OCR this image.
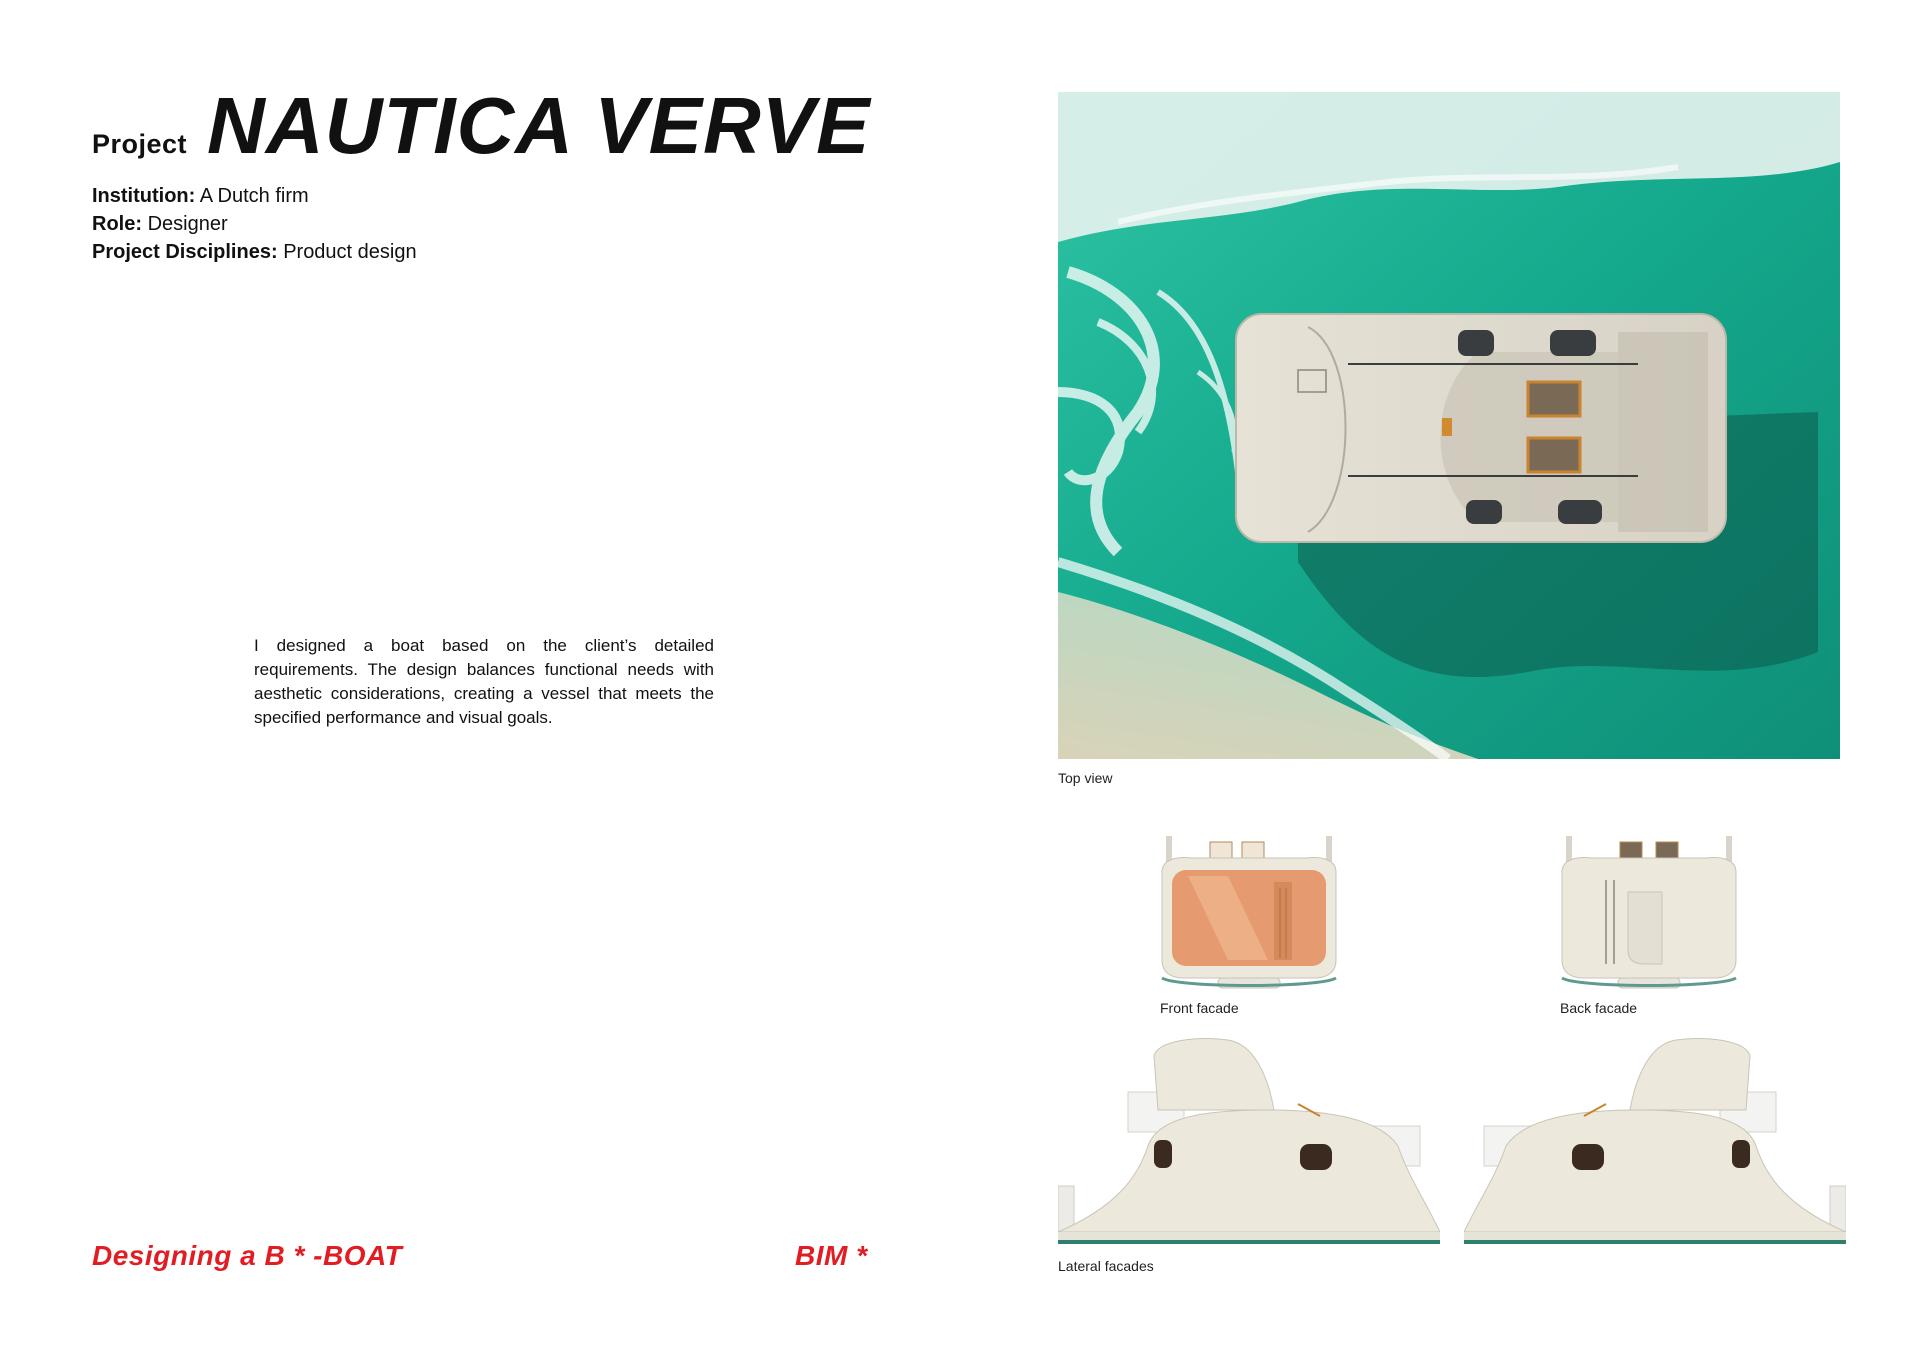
Project NAUTICA VERVE
Institution: A Dutch firm
Role: Designer
Project Disciplines: Product design

I designed a boat based on the client’s detailed requirements. The design balances functional needs with aesthetic considerations, creating a vessel that meets the specified performance and visual goals.

Designing a B * -BOAT	BIM *
Top view
Front facade	Back facade
Lateral facades
